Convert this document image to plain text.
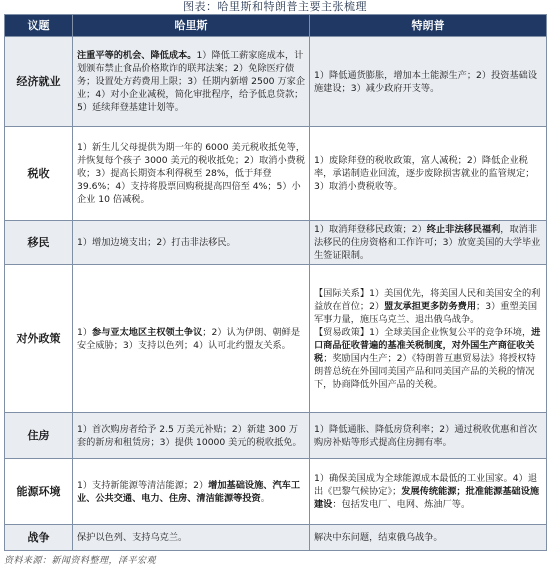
图表：哈里斯和特朗普主要主张梳理
议题	哈里斯	特朗普
经济就业	注重平等的机会、降低成本。1）降低工薪家庭成本，计划颁布禁止食品价格欺诈的联邦法案；2）免除医疗债务；设置处方药费用上限；3）任期内新增 2500 万家企业；4）对小企业减税，简化审批程序，给予低息贷款；5）延续拜登基建计划等。	1）降低通货膨胀，增加本土能源生产；2）投资基础设施建设；3）减少政府开支等。
税收	1）新生儿父母提供为期一年的 6000 美元税收抵免等，并恢复每个孩子 3000 美元的税收抵免；2）取消小费税收；3）提高长期资本利得税至 28%，低于拜登 39.6%；4）支持将股票回购税提高四倍至 4%；5）小企业 10 倍减税。	1）废除拜登的税收政策，富人减税；2）降低企业税率，承诺制造业回流，逐步废除损害就业的监管规定；3）取消小费税收等。
移民	1）增加边境支出；2）打击非法移民。	1）取消拜登移民政策；2）终止非法移民福利，取消非法移民的住房资格和工作许可；3）放宽美国的大学毕业生签证限制。
对外政策	1）参与亚太地区主权领土争议；2）认为伊朗、朝鲜是安全威胁；3）支持以色列；4）认可北约盟友关系。	【国际关系】1）美国优先，将美国人民和美国安全的利益放在首位；2）盟友承担更多防务费用；3）重塑美国军事力量，施压乌克兰、退出俄乌战争。
【贸易政策】1）全球美国企业恢复公平的竞争环境，进口商品征收普遍的基准关税制度，对外国生产商征收关税；奖励国内生产；2）《特朗普互惠贸易法》将授权特朗普总统在外国同美国产品和同美国产品的关税的情况下，协商降低外国产品的关税。
住房	1）首次购房者给予 2.5 万美元补贴；2）新建 300 万套的新房和租赁房；3）提供 10000 美元的税收抵免。	1）降低通胀、降低房贷利率；2）通过税收优惠和首次购房补贴等形式提高住房拥有率。
能源环境	1）支持新能源等清洁能源；2）增加基础设施、汽车工业、公共交通、电力、住房、清洁能源等投资。	1）确保美国成为全球能源成本最低的工业国家。4）退出《巴黎气候协定》；发展传统能源；批准能源基础设施建设：包括发电厂、电网、炼油厂等。
战争	保护以色列、支持乌克兰。	解决中东问题，结束俄乌战争。
资料来源：新闻资料整理，泽平宏观
